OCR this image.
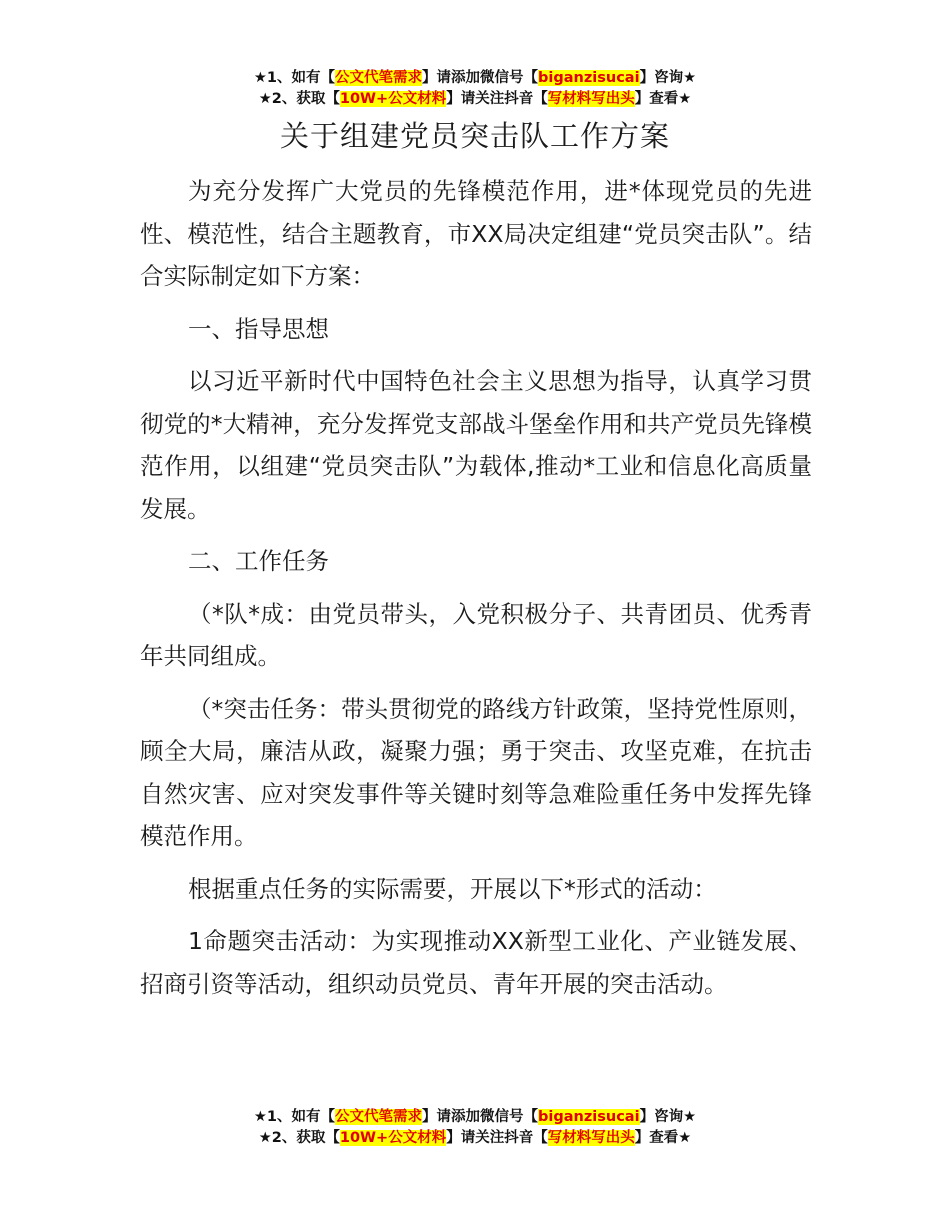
★1、如有【公文代笔需求】请添加微信号【biganzisucai】咨询★
★2、获取【10W+公文材料】请关注抖音【写材料写出头】查看★
关于组建党员突击队工作方案

为充分发挥广大党员的先锋模范作用，进*体现党员的先进性、模范性，结合主题教育，市XX局决定组建“党员突击队”。结合实际制定如下方案：

一、指导思想

以习近平新时代中国特色社会主义思想为指导，认真学习贯彻党的*大精神，充分发挥党支部战斗堡垒作用和共产党员先锋模范作用，以组建“党员突击队”为载体,推动*工业和信息化高质量发展。

二、工作任务

（*队*成：由党员带头，入党积极分子、共青团员、优秀青年共同组成。

（*突击任务：带头贯彻党的路线方针政策，坚持党性原则，顾全大局，廉洁从政，凝聚力强；勇于突击、攻坚克难，在抗击自然灾害、应对突发事件等关键时刻等急难险重任务中发挥先锋模范作用。

根据重点任务的实际需要，开展以下*形式的活动：

1命题突击活动：为实现推动XX新型工业化、产业链发展、招商引资等活动，组织动员党员、青年开展的突击活动。

★1、如有【公文代笔需求】请添加微信号【biganzisucai】咨询★
★2、获取【10W+公文材料】请关注抖音【写材料写出头】查看★
